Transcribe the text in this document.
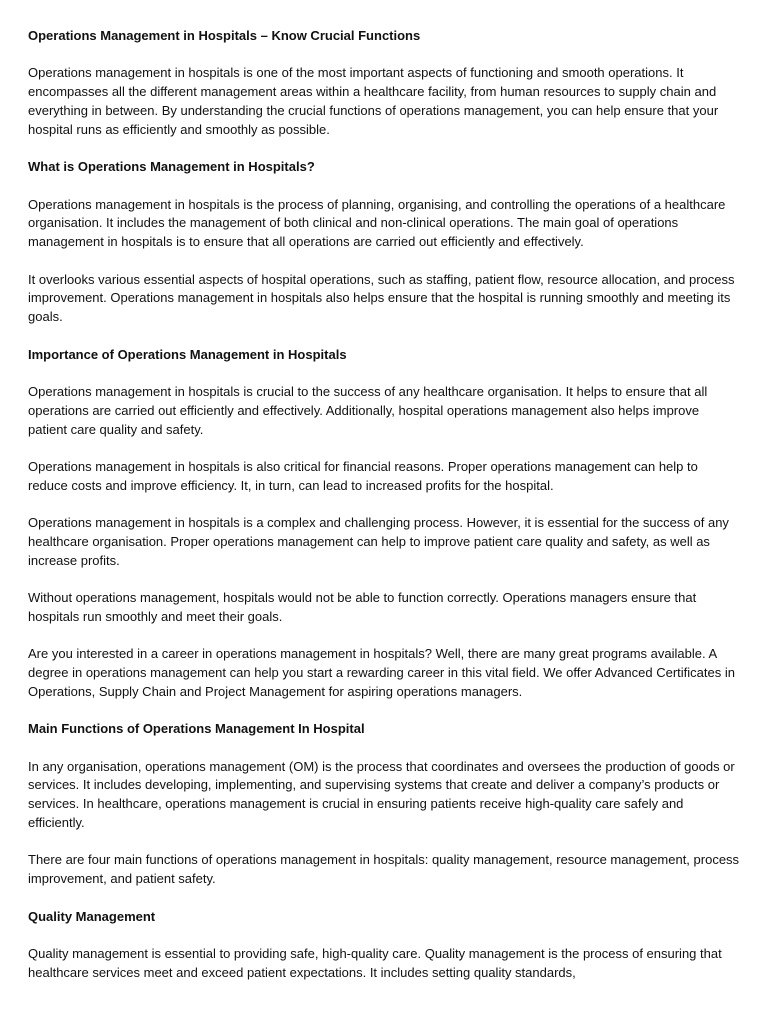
Operations Management in Hospitals – Know Crucial Functions

Operations management in hospitals is one of the most important aspects of functioning and smooth operations. It encompasses all the different management areas within a healthcare facility, from human resources to supply chain and everything in between. By understanding the crucial functions of operations management, you can help ensure that your hospital runs as efficiently and smoothly as possible.

What is Operations Management in Hospitals?

Operations management in hospitals is the process of planning, organising, and controlling the operations of a healthcare organisation. It includes the management of both clinical and non-clinical operations. The main goal of operations management in hospitals is to ensure that all operations are carried out efficiently and effectively.

It overlooks various essential aspects of hospital operations, such as staffing, patient flow, resource allocation, and process improvement. Operations management in hospitals also helps ensure that the hospital is running smoothly and meeting its goals.

Importance of Operations Management in Hospitals

Operations management in hospitals is crucial to the success of any healthcare organisation. It helps to ensure that all operations are carried out efficiently and effectively. Additionally, hospital operations management also helps improve patient care quality and safety.

Operations management in hospitals is also critical for financial reasons. Proper operations management can help to reduce costs and improve efficiency. It, in turn, can lead to increased profits for the hospital.

Operations management in hospitals is a complex and challenging process. However, it is essential for the success of any healthcare organisation. Proper operations management can help to improve patient care quality and safety, as well as increase profits.

Without operations management, hospitals would not be able to function correctly. Operations managers ensure that hospitals run smoothly and meet their goals.

Are you interested in a career in operations management in hospitals? Well, there are many great programs available. A degree in operations management can help you start a rewarding career in this vital field. We offer Advanced Certificates in Operations, Supply Chain and Project Management for aspiring operations managers.

Main Functions of Operations Management In Hospital

In any organisation, operations management (OM) is the process that coordinates and oversees the production of goods or services. It includes developing, implementing, and supervising systems that create and deliver a company’s products or services. In healthcare, operations management is crucial in ensuring patients receive high-quality care safely and efficiently.

There are four main functions of operations management in hospitals: quality management, resource management, process improvement, and patient safety.

Quality Management

Quality management is essential to providing safe, high-quality care. Quality management is the process of ensuring that healthcare services meet and exceed patient expectations. It includes setting quality standards,
